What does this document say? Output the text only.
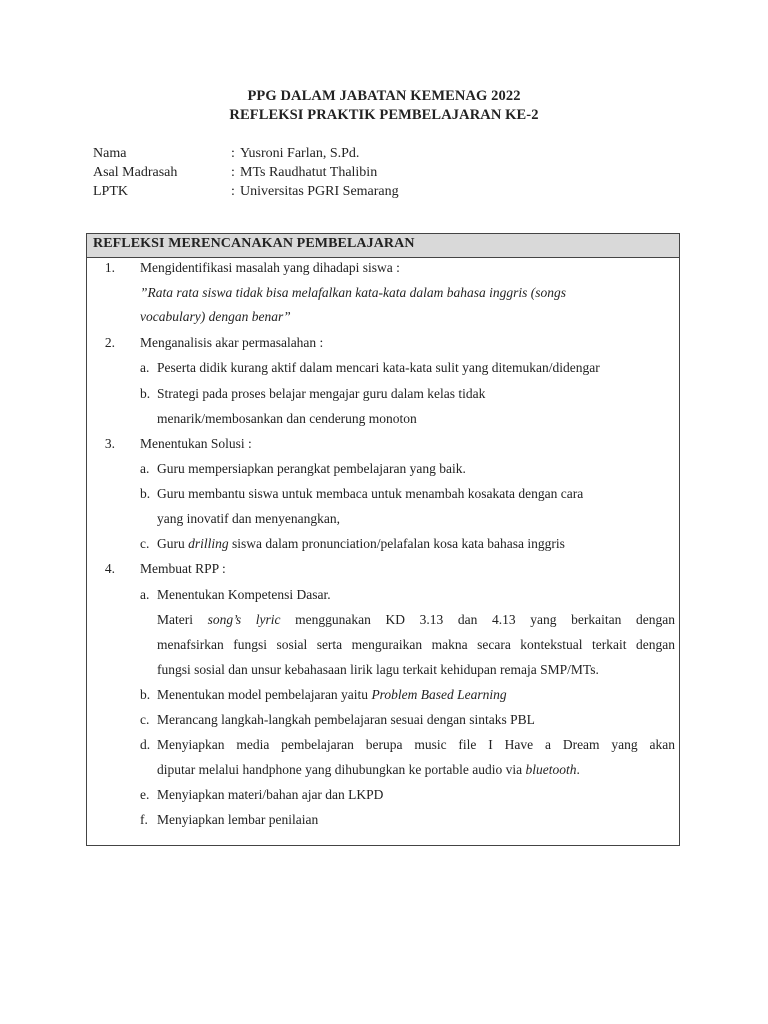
PPG DALAM JABATAN KEMENAG 2022
REFLEKSI PRAKTIK PEMBELAJARAN KE-2
Nama	: Yusroni Farlan, S.Pd.
Asal Madrasah	: MTs Raudhatut Thalibin
LPTK	: Universitas PGRI Semarang
REFLEKSI MERENCANAKAN PEMBELAJARAN
1. Mengidentifikasi masalah yang dihadapi siswa :
”Rata rata siswa tidak bisa melafalkan kata-kata dalam bahasa inggris (songs
vocabulary) dengan benar”
2. Menganalisis akar permasalahan :
a. Peserta didik kurang aktif dalam mencari kata-kata sulit yang ditemukan/didengar
b. Strategi pada proses belajar mengajar guru dalam kelas tidak
menarik/membosankan dan cenderung monoton
3. Menentukan Solusi :
a. Guru mempersiapkan perangkat pembelajaran yang baik.
b. Guru membantu siswa untuk membaca untuk menambah kosakata dengan cara
yang inovatif dan menyenangkan,
c. Guru drilling siswa dalam pronunciation/pelafalan kosa kata bahasa inggris
4. Membuat RPP :
a. Menentukan Kompetensi Dasar.
Materi song’s lyric menggunakan KD 3.13 dan 4.13 yang berkaitan dengan
menafsirkan fungsi sosial serta menguraikan makna secara kontekstual terkait dengan
fungsi sosial dan unsur kebahasaan lirik lagu terkait kehidupan remaja SMP/MTs.
b. Menentukan model pembelajaran yaitu Problem Based Learning
c. Merancang langkah-langkah pembelajaran sesuai dengan sintaks PBL
d. Menyiapkan media pembelajaran berupa music file I Have a Dream yang akan
diputar melalui handphone yang dihubungkan ke portable audio via bluetooth.
e. Menyiapkan materi/bahan ajar dan LKPD
f. Menyiapkan lembar penilaian
